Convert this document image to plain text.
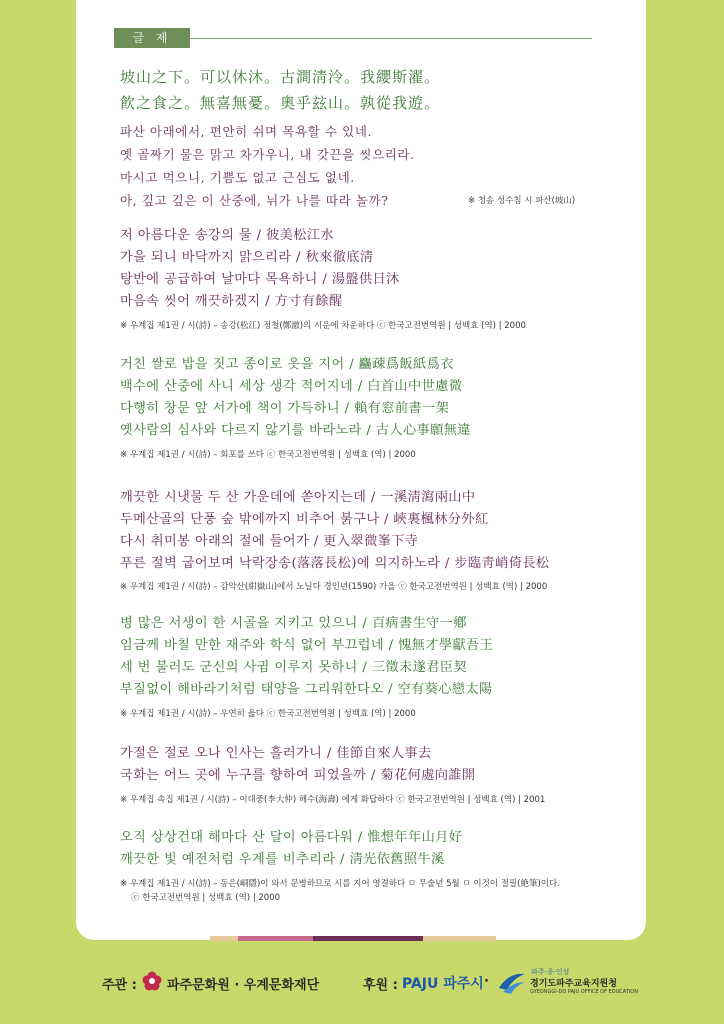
글 제
坡山之下。可以休沐。古澗淸泠。我纓斯濯。
飮之食之。無喜無憂。奧乎玆山。孰從我遊。
파산 아래에서, 편안히 쉬며 목욕할 수 있네.
옛 골짜기 물은 맑고 차가우니, 내 갓끈을 씻으리라.
마시고 먹으니, 기쁨도 없고 근심도 없네.
아, 깊고 깊은 이 산중에, 뉘가 나를 따라 놀까?	※ 청송 성수침 시 파산(坡山)
저 아름다운 송강의 물 / 彼美松江水
가을 되니 바닥까지 맑으리라 / 秋來徹底淸
탕반에 공급하여 날마다 목욕하니 / 湯盤供日沐
마음속 씻어 깨끗하겠지 / 方寸有餘醒
※ 우계집 제1권 / 시(詩) – 송강(松江) 정철(鄭澈)의 시운에 차운하다 ⓒ 한국고전번역원 | 성백효 (역) | 2000
거친 쌀로 밥을 짓고 종이로 옷을 지어 / 麤疎爲飯紙爲衣
백수에 산중에 사니 세상 생각 적어지네 / 白首山中世慮微
다행히 창문 앞 서가에 책이 가득하니 / 賴有窓前書一架
옛사람의 심사와 다르지 않기를 바라노라 / 古人心事願無違
※ 우계집 제1권 / 시(詩) – 회포를 쓰다 ⓒ 한국고전번역원 | 성백효 (역) | 2000
깨끗한 시냇물 두 산 가운데에 쏟아지는데 / 一溪淸瀉兩山中
두메산골의 단풍 숲 밖에까지 비추어 붉구나 / 峽裏楓林分外紅
다시 취미봉 아래의 절에 들어가 / 更入翠微峯下寺
푸른 절벽 굽어보며 낙락장송(落落長松)에 의지하노라 / 步臨靑峭倚長松
※ 우계집 제1권 / 시(詩) – 감악산(紺嶽山)에서 노닐다 경인년(1590) 가을 ⓒ 한국고전번역원 | 성백효 (역) | 2000
병 많은 서생이 한 시골을 지키고 있으니 / 百病書生守一鄕
임금께 바칠 만한 재주와 학식 없어 부끄럽네 / 愧無才學獻吾王
세 번 불러도 군신의 사귐 이루지 못하니 / 三徵未遂君臣契
부질없이 해바라기처럼 태양을 그리워한다오 / 空有葵心戀太陽
※ 우계집 제1권 / 시(詩) – 우연히 읊다 ⓒ 한국고전번역원 | 성백효 (역) | 2000
가절은 절로 오나 인사는 흘러가니 / 佳節自來人事去
국화는 어느 곳에 누구를 향하여 피었을까 / 菊花何處向誰開
※ 우계집 속집 제1권 / 시(詩) – 이대중(李大仲) 해수(海壽) 에게 화답하다 ⓒ 한국고전번역원 | 성백효 (역) | 2001
오직 상상건대 해마다 산 달이 아름다워 / 惟想年年山月好
깨끗한 빛 예전처럼 우계를 비추리라 / 淸光依舊照牛溪
※ 우계집 제1권 / 시(詩) – 동은(峒隱)이 와서 문병하므로 시를 지어 영결하다 ㅁ 무술년 5월 ㅁ 이것이 절필(絶筆)이다.
ⓒ 한국고전번역원 | 성백효 (역) | 2000
주관 : 파주문화원 · 우계문화재단	후원 : PAJU 파주시 ·
파주·종·인성
경기도파주교육지원청
GYEONGGI-DO PAJU OFFICE OF EDUCATION
